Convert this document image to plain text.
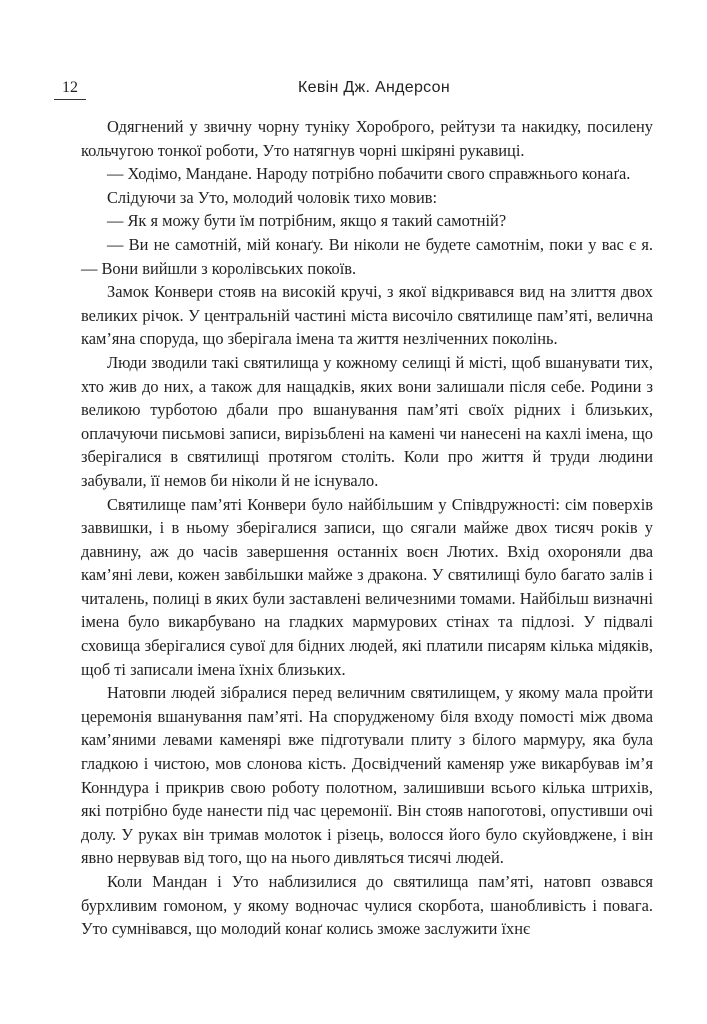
12	Кевін Дж. Андерсон

Одягнений у звичну чорну туніку Хороброго, рейтузи та накидку, посилену кольчугою тонкої роботи, Уто натягнув чорні шкіряні рукавиці.

— Ходімо, Мандане. Народу потрібно побачити свого справжнього конаґа.

Слідуючи за Уто, молодий чоловік тихо мовив:

— Як я можу бути їм потрібним, якщо я такий самотній?

— Ви не самотній, мій конаґу. Ви ніколи не будете самотнім, поки у вас є я. — Вони вийшли з королівських покоїв.

Замок Конвери стояв на високій кручі, з якої відкривався вид на злиття двох великих річок. У центральній частині міста височіло святилище пам’яті, велична кам’яна споруда, що зберігала імена та життя незліченних поколінь.

Люди зводили такі святилища у кожному селищі й місті, щоб вшанувати тих, хто жив до них, а також для нащадків, яких вони залишали після себе. Родини з великою турботою дбали про вшанування пам’яті своїх рідних і близьких, оплачуючи письмові записи, вирізьблені на камені чи нанесені на кахлі імена, що зберігалися в святилищі протягом століть. Коли про життя й труди людини забували, її немов би ніколи й не існувало.

Святилище пам’яті Конвери було найбільшим у Співдружності: сім поверхів заввишки, і в ньому зберігалися записи, що сягали майже двох тисяч років у давнину, аж до часів завершення останніх воєн Лютих. Вхід охороняли два кам’яні леви, кожен завбільшки майже з дракона. У святилищі було багато залів і читалень, полиці в яких були заставлені величезними томами. Найбільш визначні імена було викарбувано на гладких мармурових стінах та підлозі. У підвалі сховища зберігалися сувої для бідних людей, які платили писарям кілька мідяків, щоб ті записали імена їхніх близьких.

Натовпи людей зібралися перед величним святилищем, у якому мала пройти церемонія вшанування пам’яті. На спорудженому біля входу помості між двома кам’яними левами каменярі вже підготували плиту з білого мармуру, яка була гладкою і чистою, мов слонова кість. Досвідчений каменяр уже викарбував ім’я Конндура і прикрив свою роботу полотном, залишивши всього кілька штрихів, які потрібно буде нанести під час церемонії. Він стояв напоготові, опустивши очі долу. У руках він тримав молоток і різець, волосся його було скуйовджене, і він явно нервував від того, що на нього дивляться тисячі людей.

Коли Мандан і Уто наблизилися до святилища пам’яті, натовп озвався бурхливим гомоном, у якому водночас чулися скорбота, шанобливість і повага. Уто сумнівався, що молодий конаґ колись зможе заслужити їхнє
